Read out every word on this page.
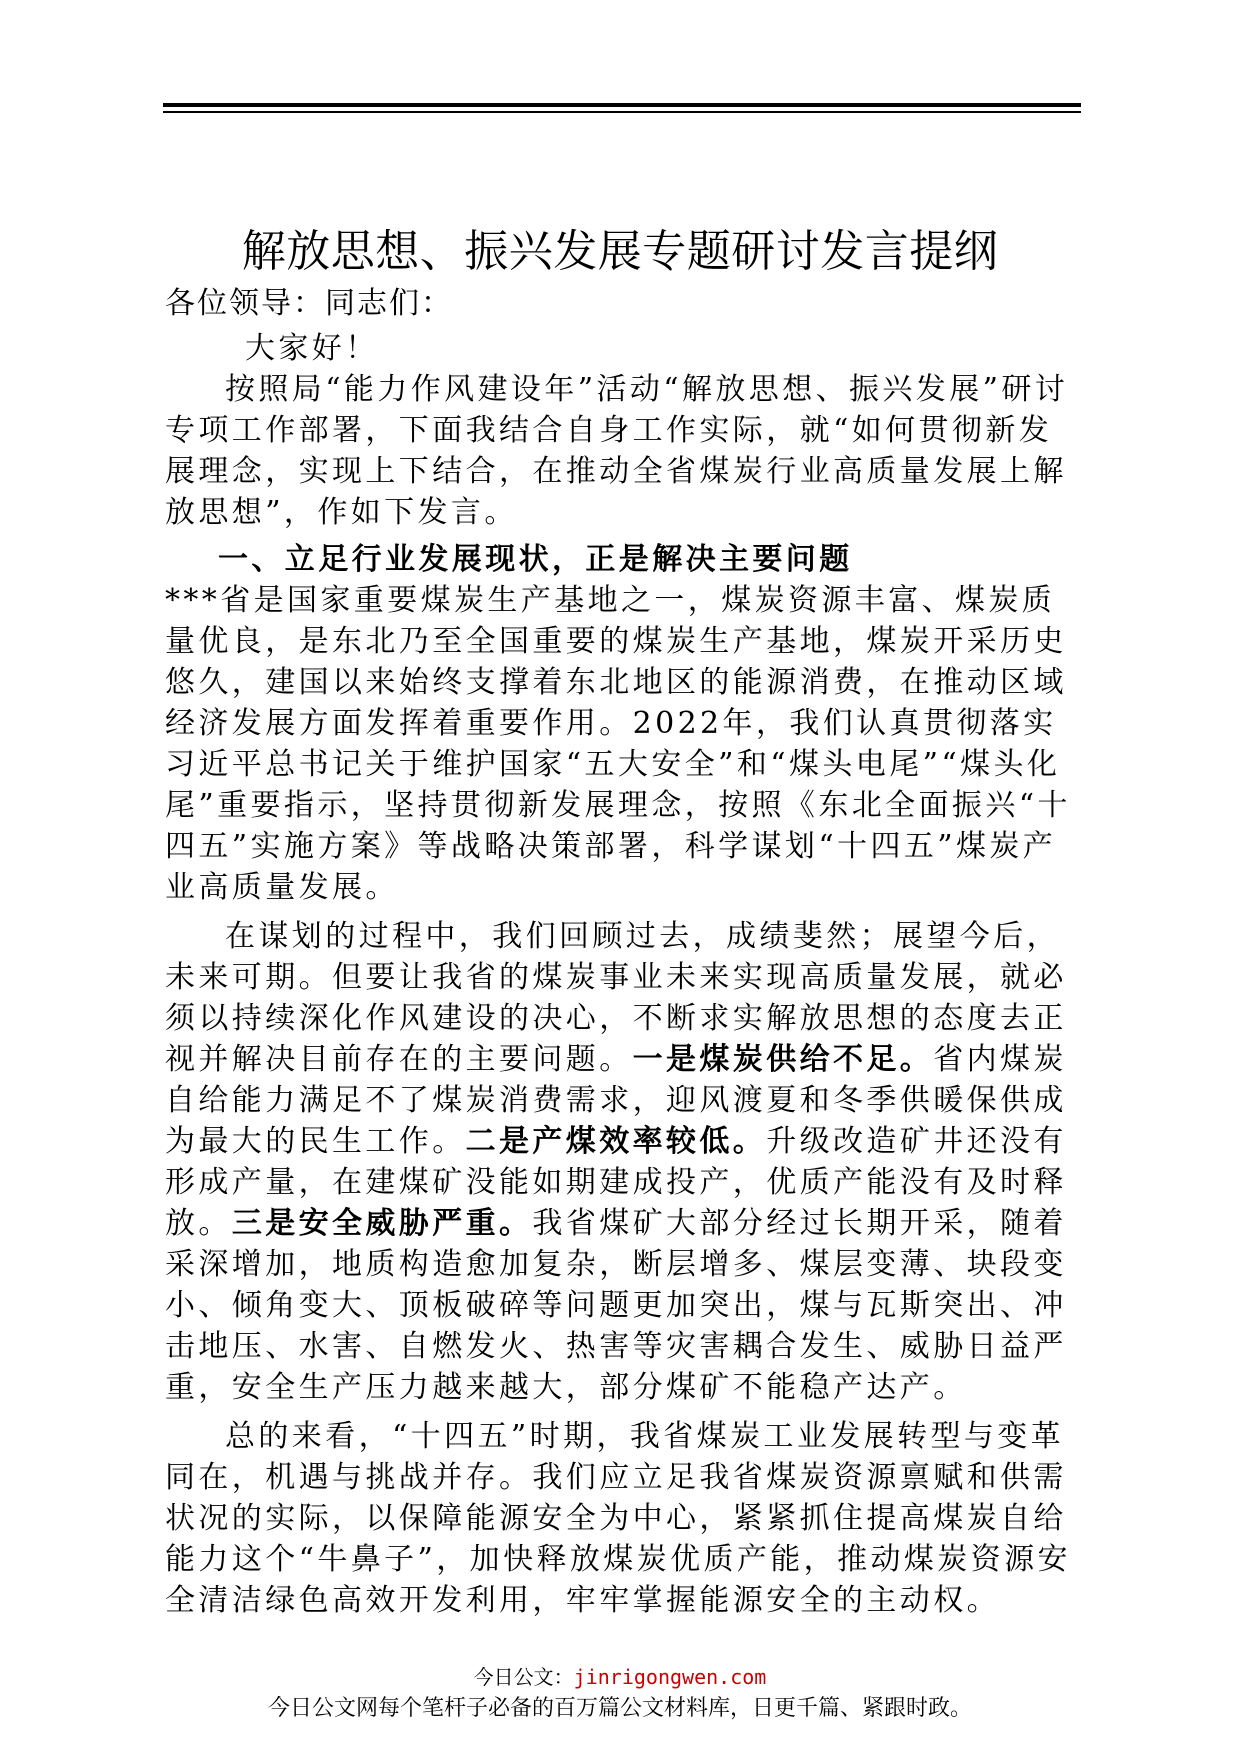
解放思想、振兴发展专题研讨发言提纲

各位领导：同志们：

大家好！

按照局“能力作风建设年”活动“解放思想、振兴发展”研讨专项工作部署，下面我结合自身工作实际，就“如何贯彻新发展理念，实现上下结合，在推动全省煤炭行业高质量发展上解放思想”，作如下发言。

一、立足行业发展现状，正是解决主要问题

***省是国家重要煤炭生产基地之一，煤炭资源丰富、煤炭质量优良，是东北乃至全国重要的煤炭生产基地，煤炭开采历史悠久，建国以来始终支撑着东北地区的能源消费，在推动区域经济发展方面发挥着重要作用。2022年，我们认真贯彻落实习近平总书记关于维护国家“五大安全”和“煤头电尾”“煤头化尾”重要指示，坚持贯彻新发展理念，按照《东北全面振兴“十四五”实施方案》等战略决策部署，科学谋划“十四五”煤炭产业高质量发展。

在谋划的过程中，我们回顾过去，成绩斐然；展望今后，未来可期。但要让我省的煤炭事业未来实现高质量发展，就必须以持续深化作风建设的决心，不断求实解放思想的态度去正视并解决目前存在的主要问题。一是煤炭供给不足。省内煤炭自给能力满足不了煤炭消费需求，迎风渡夏和冬季供暖保供成为最大的民生工作。二是产煤效率较低。升级改造矿井还没有形成产量，在建煤矿没能如期建成投产，优质产能没有及时释放。三是安全威胁严重。我省煤矿大部分经过长期开采，随着采深增加，地质构造愈加复杂，断层增多、煤层变薄、块段变小、倾角变大、顶板破碎等问题更加突出，煤与瓦斯突出、冲击地压、水害、自燃发火、热害等灾害耦合发生、威胁日益严重，安全生产压力越来越大，部分煤矿不能稳产达产。

总的来看，“十四五”时期，我省煤炭工业发展转型与变革同在，机遇与挑战并存。我们应立足我省煤炭资源禀赋和供需状况的实际，以保障能源安全为中心，紧紧抓住提高煤炭自给能力这个“牛鼻子”，加快释放煤炭优质产能，推动煤炭资源安全清洁绿色高效开发利用，牢牢掌握能源安全的主动权。

今日公文：jinrigongwen.com
今日公文网每个笔杆子必备的百万篇公文材料库，日更千篇、紧跟时政。
